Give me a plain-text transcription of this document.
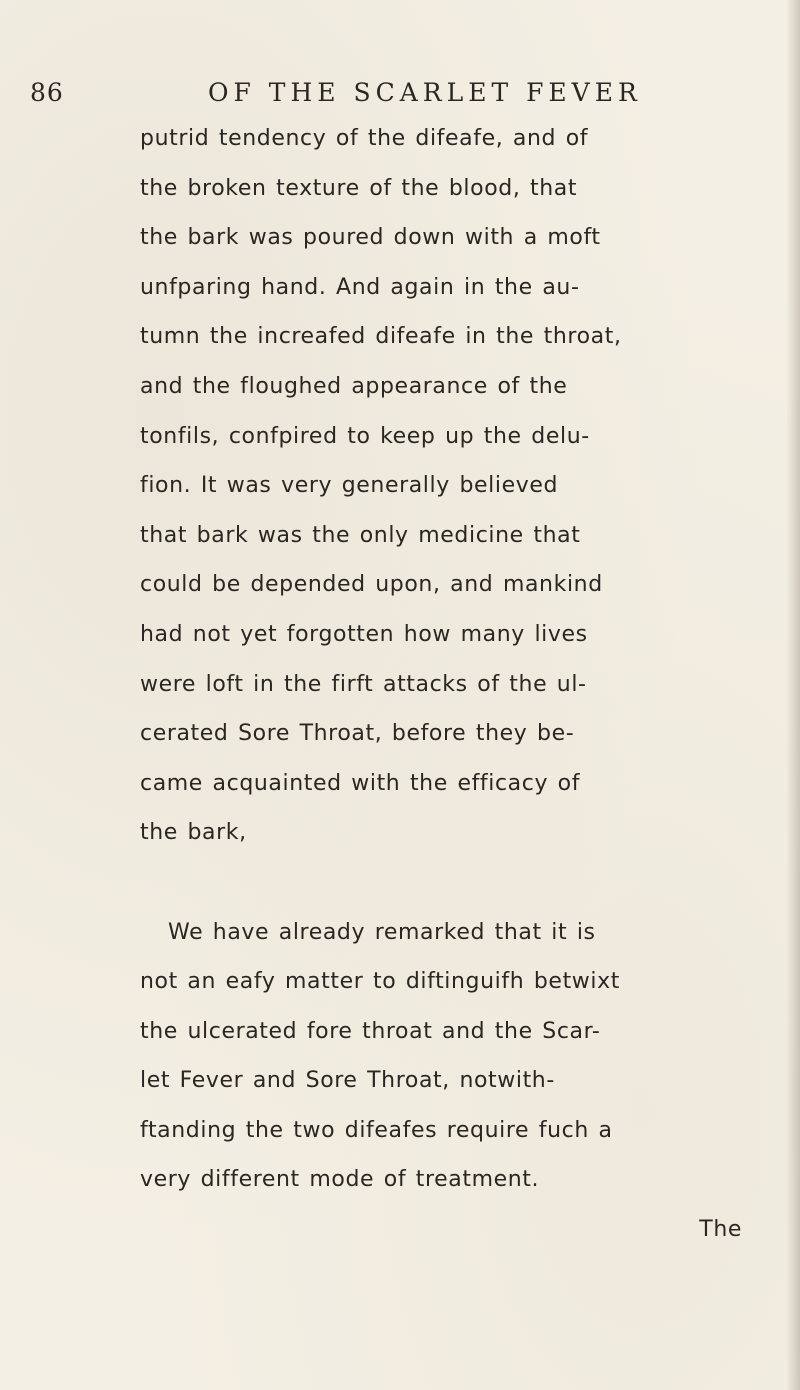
86	OF THE SCARLET FEVER
putrid tendency of the difeafe, and of
the broken texture of the blood, that
the bark was poured down with a moft
unfparing hand. And again in the au-
tumn the increafed difeafe in the throat,
and the floughed appearance of the
tonfils, confpired to keep up the delu-
fion. It was very generally believed
that bark was the only medicine that
could be depended upon, and mankind
had not yet forgotten how many lives
were loft in the firft attacks of the ul-
cerated Sore Throat, before they be-
came acquainted with the efficacy of
the bark,
We have already remarked that it is
not an eafy matter to diftinguifh betwixt
the ulcerated fore throat and the Scar-
let Fever and Sore Throat, notwith-
ftanding the two difeafes require fuch a
very different mode of treatment.
The
